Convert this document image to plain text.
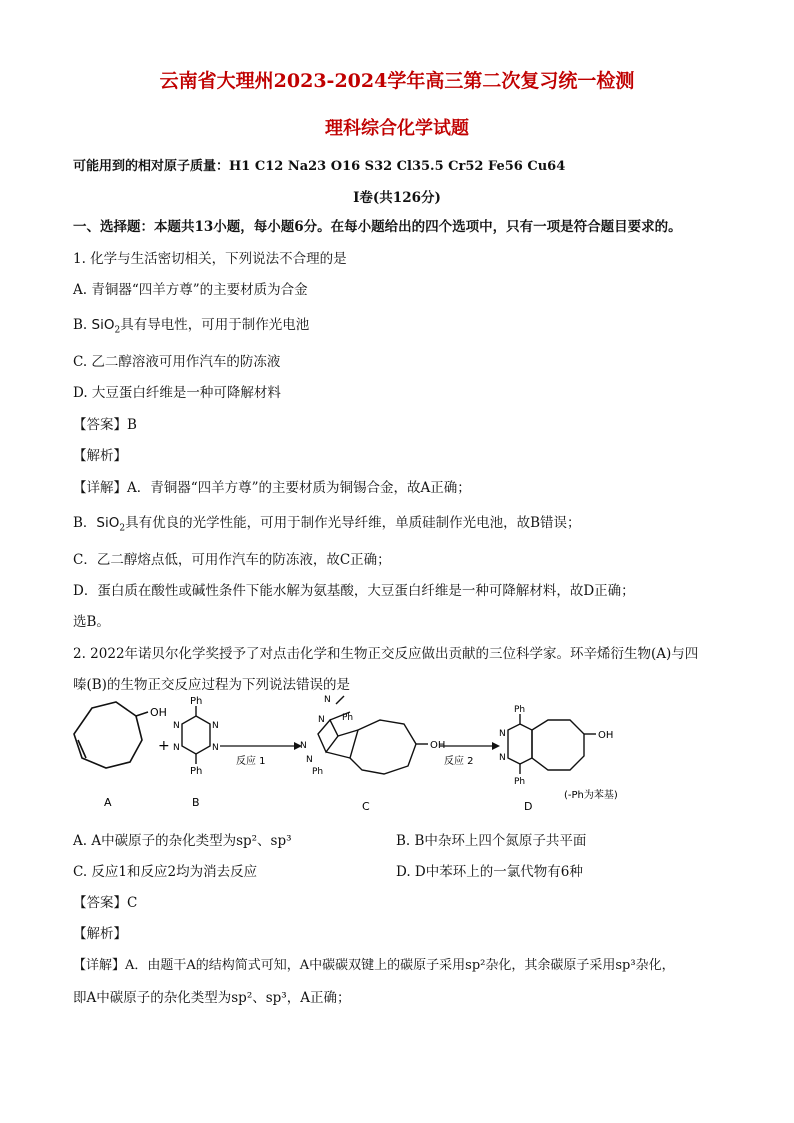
云南省大理州2023-2024学年高三第二次复习统一检测
理科综合化学试题
可能用到的相对原子质量：H1 C12 Na23 O16 S32 Cl35.5 Cr52 Fe56 Cu64
I卷(共126分)
一、选择题：本题共13小题，每小题6分。在每小题给出的四个选项中，只有一项是符合题目要求的。
1. 化学与生活密切相关，下列说法不合理的是
A. 青铜器“四羊方尊”的主要材质为合金
B. SiO$_2$具有导电性，可用于制作光电池
C. 乙二醇溶液可用作汽车的防冻液
D. 大豆蛋白纤维是一种可降解材料
【答案】B
【解析】
【详解】A．青铜器“四羊方尊”的主要材质为铜锡合金，故A正确；
B．SiO$_2$具有优良的光学性能，可用于制作光导纤维，单质硅制作光电池，故B错误；
C．乙二醇熔点低，可用作汽车的防冻液，故C正确；
D．蛋白质在酸性或碱性条件下能水解为氨基酸，大豆蛋白纤维是一种可降解材料，故D正确；
选B。
2. 2022年诺贝尔化学奖授予了对点击化学和生物正交反应做出贡献的三位科学家。环辛烯衍生物(A)与四
嗪(B)的生物正交反应过程为下列说法错误的是
OH
A
+
Ph
Ph
N	N
N	N
B
反应 1
Ph
Ph
N
N
N
N
OH
C
反应 2
Ph
Ph
N
N
OH
D
(-Ph为苯基)
A. A中碳原子的杂化类型为sp²、sp³	B. B中杂环上四个氮原子共平面
C. 反应1和反应2均为消去反应	D. D中苯环上的一氯代物有6种
【答案】C
【解析】
【详解】A．由题干A的结构简式可知，A中碳碳双键上的碳原子采用sp²杂化，其余碳原子采用sp³杂化，
即A中碳原子的杂化类型为sp²、sp³，A正确；
